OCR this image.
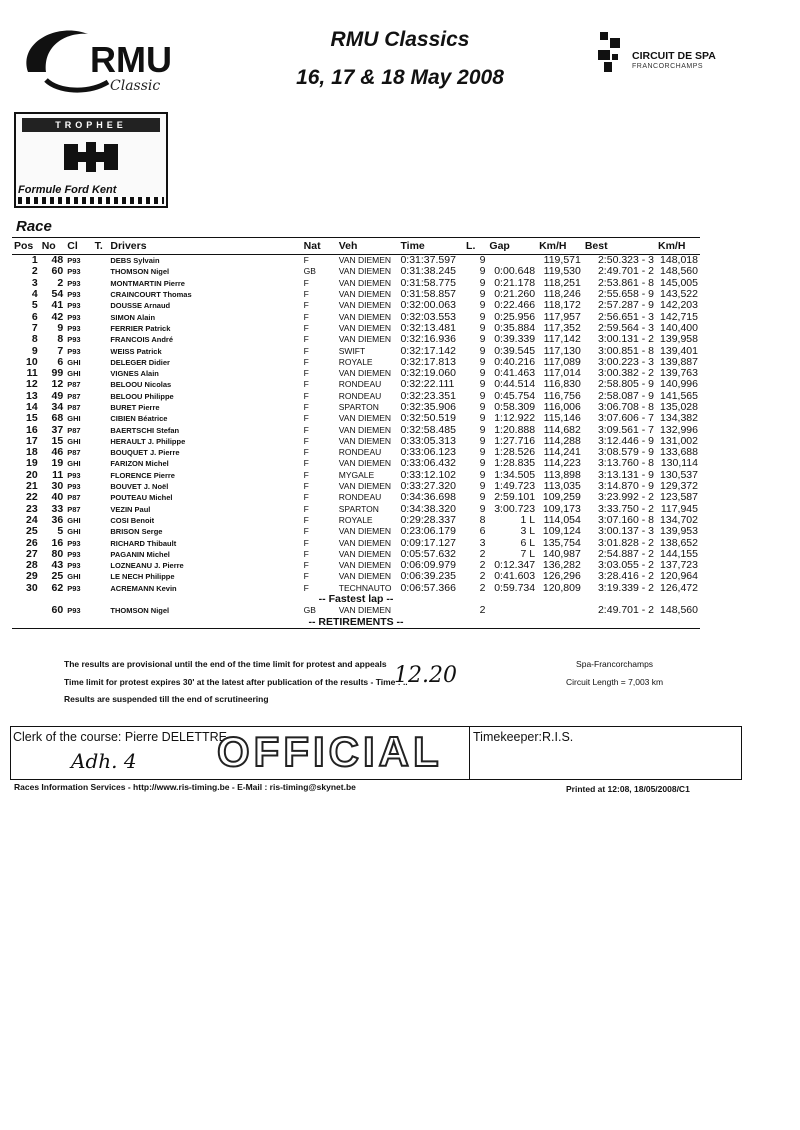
RMU
Classic
RMU Classics
16, 17 & 18 May 2008
CIRCUIT DE SPA
FRANCORCHAMPS
TROPHEE
Formule Ford Kent
Race
Pos	No	Cl	T.	Drivers	Nat	Veh	Time	L.	Gap	Km/H	Best	Km/H
1	48	P93		DEBS Sylvain	F	VAN DIEMEN	0:31:37.597	9		119,571	2:50.323 - 3	148,018
2	60	P93		THOMSON Nigel	GB	VAN DIEMEN	0:31:38.245	9	0:00.648	119,530	2:49.701 - 2	148,560
3	2	P93		MONTMARTIN Pierre	F	VAN DIEMEN	0:31:58.775	9	0:21.178	118,251	2:53.861 - 8	145,005
4	54	P93		CRAINCOURT Thomas	F	VAN DIEMEN	0:31:58.857	9	0:21.260	118,246	2:55.658 - 9	143,522
5	41	P93		DOUSSE Arnaud	F	VAN DIEMEN	0:32:00.063	9	0:22.466	118,172	2:57.287 - 9	142,203
6	42	P93		SIMON Alain	F	VAN DIEMEN	0:32:03.553	9	0:25.956	117,957	2:56.651 - 3	142,715
7	9	P93		FERRIER Patrick	F	VAN DIEMEN	0:32:13.481	9	0:35.884	117,352	2:59.564 - 3	140,400
8	8	P93		FRANCOIS André	F	VAN DIEMEN	0:32:16.936	9	0:39.339	117,142	3:00.131 - 2	139,958
9	7	P93		WEISS Patrick	F	SWIFT	0:32:17.142	9	0:39.545	117,130	3:00.851 - 8	139,401
10	6	GHI		DELEGER Didier	F	ROYALE	0:32:17.813	9	0:40.216	117,089	3:00.223 - 3	139,887
11	99	GHI		VIGNES Alain	F	VAN DIEMEN	0:32:19.060	9	0:41.463	117,014	3:00.382 - 2	139,763
12	12	P87		BELOOU Nicolas	F	RONDEAU	0:32:22.111	9	0:44.514	116,830	2:58.805 - 9	140,996
13	49	P87		BELOOU Philippe	F	RONDEAU	0:32:23.351	9	0:45.754	116,756	2:58.087 - 9	141,565
14	34	P87		BURET Pierre	F	SPARTON	0:32:35.906	9	0:58.309	116,006	3:06.708 - 8	135,028
15	68	GHI		CIBIEN Béatrice	F	VAN DIEMEN	0:32:50.519	9	1:12.922	115,146	3:07.606 - 7	134,382
16	37	P87		BAERTSCHI Stefan	F	VAN DIEMEN	0:32:58.485	9	1:20.888	114,682	3:09.561 - 7	132,996
17	15	GHI		HERAULT J. Philippe	F	VAN DIEMEN	0:33:05.313	9	1:27.716	114,288	3:12.446 - 9	131,002
18	46	P87		BOUQUET J. Pierre	F	RONDEAU	0:33:06.123	9	1:28.526	114,241	3:08.579 - 9	133,688
19	19	GHI		FARIZON Michel	F	VAN DIEMEN	0:33:06.432	9	1:28.835	114,223	3:13.760 - 8	130,114
20	11	P93		FLORENCE Pierre	F	MYGALE	0:33:12.102	9	1:34.505	113,898	3:13.131 - 9	130,537
21	30	P93		BOUVET J. Noël	F	VAN DIEMEN	0:33:27.320	9	1:49.723	113,035	3:14.870 - 9	129,372
22	40	P87		POUTEAU Michel	F	RONDEAU	0:34:36.698	9	2:59.101	109,259	3:23.992 - 2	123,587
23	33	P87		VEZIN Paul	F	SPARTON	0:34:38.320	9	3:00.723	109,173	3:33.750 - 2	117,945
24	36	GHI		COSI Benoit	F	ROYALE	0:29:28.337	8	1 L	114,054	3:07.160 - 8	134,702
25	5	GHI		BRISON Serge	F	VAN DIEMEN	0:23:06.179	6	3 L	109,124	3:00.137 - 3	139,953
26	16	P93		RICHARD Thibault	F	VAN DIEMEN	0:09:17.127	3	6 L	135,754	3:01.828 - 2	138,652
27	80	P93		PAGANIN Michel	F	VAN DIEMEN	0:05:57.632	2	7 L	140,987	2:54.887 - 2	144,155
28	43	P93		LOZNEANU J. Pierre	F	VAN DIEMEN	0:06:09.979	2	0:12.347	136,282	3:03.055 - 2	137,723
29	25	GHI		LE NECH Philippe	F	VAN DIEMEN	0:06:39.235	2	0:41.603	126,296	3:28.416 - 2	120,964
30	62	P93		ACREMANN Kevin	F	TECHNAUTO	0:06:57.366	2	0:59.734	120,809	3:19.339 - 2	126,472
-- Fastest lap --												
	60	P93		THOMSON Nigel	GB	VAN DIEMEN		2			2:49.701 - 2	148,560
-- RETIREMENTS --												
The results are provisional until the end of the time limit for protest and appeals
Time limit for protest expires 30' at the latest after publication of the results - Time : ..
Results are suspended till the end of scrutineering
12.20	Spa-Francorchamps
Circuit Length = 7,003 km
Clerk of the course: Pierre DELETTRE
OFFICIAL
Adh. 4
Timekeeper:R.I.S.
Races Information Services - http://www.ris-timing.be - E-Mail : ris-timing@skynet.be	Printed at 12:08, 18/05/2008/C1
